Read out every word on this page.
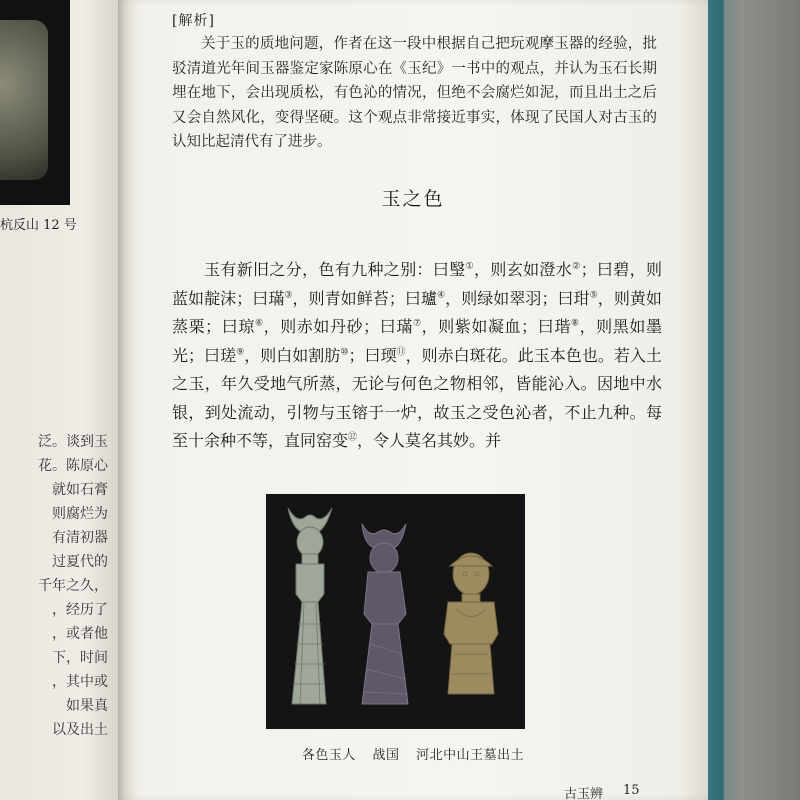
杭反山 12 号
泛。谈到玉
花。陈原心
就如石膏
则腐烂为
有清初器
过夏代的
千年之久，
，经历了
，或者他
下，时间
，其中或
如果真
以及出土
[解析]

关于玉的质地问题，作者在这一段中根据自己把玩观摩玉器的经验，批驳清道光年间玉器鉴定家陈原心在《玉纪》一书中的观点，并认为玉石长期埋在地下，会出现质松，有色沁的情况，但绝不会腐烂如泥，而且出土之后又会自然风化，变得坚硬。这个观点非常接近事实，体现了民国人对古玉的认知比起清代有了进步。

玉之色

玉有新旧之分，色有九种之别：曰瑿①，则玄如澄水②；曰碧，则蓝如靛沫；曰璊③，则青如鲜苔；曰瓐④，则绿如翠羽；曰玵⑤，则黄如蒸栗；曰琼⑥，则赤如丹砂；曰璊⑦，则紫如凝血；曰瑎⑧，则黑如墨光；曰瑳⑨，则白如割肪⑩；曰瑌⑪，则赤白斑花。此玉本色也。若入土之玉，年久受地气所蒸，无论与何色之物相邻，皆能沁入。因地中水银，到处流动，引物与玉镕于一炉，故玉之受色沁者，不止九种。每至十余种不等，直同窑变⑫，令人莫名其妙。并

各色玉人 战国 河北中山王墓出土
古玉辨 15
